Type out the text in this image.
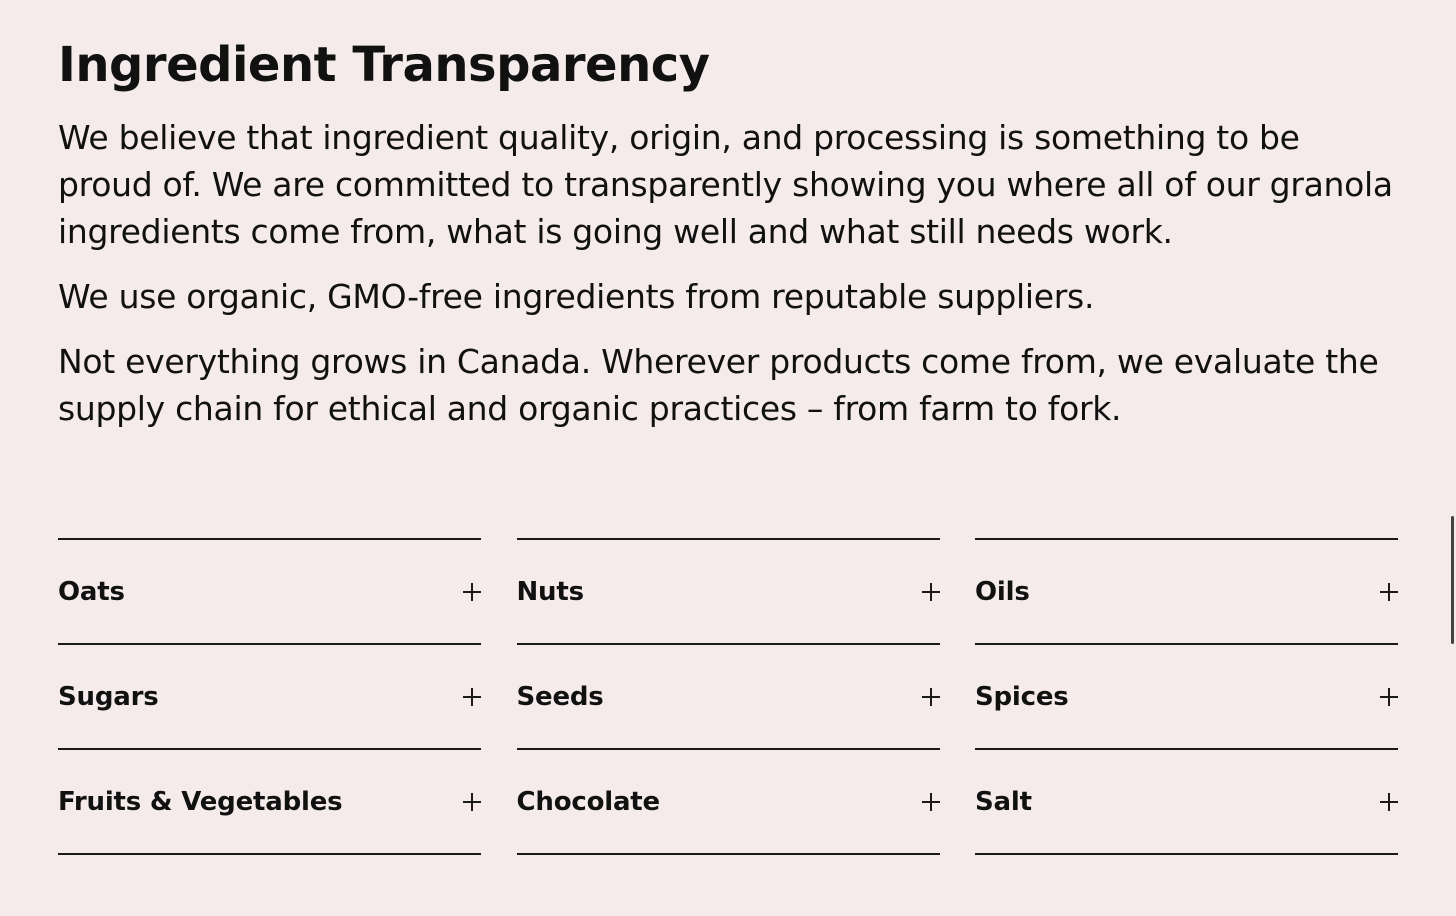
Ingredient Transparency

We believe that ingredient quality, origin, and processing is something to be proud of. We are committed to transparently showing you where all of our granola ingredients come from, what is going well and what still needs work.

We use organic, GMO-free ingredients from reputable suppliers.

Not everything grows in Canada. Wherever products come from, we evaluate the supply chain for ethical and organic practices – from farm to fork.

Oats
Sugars
Fruits & Vegetables
Nuts
Seeds
Chocolate
Oils
Spices
Salt
